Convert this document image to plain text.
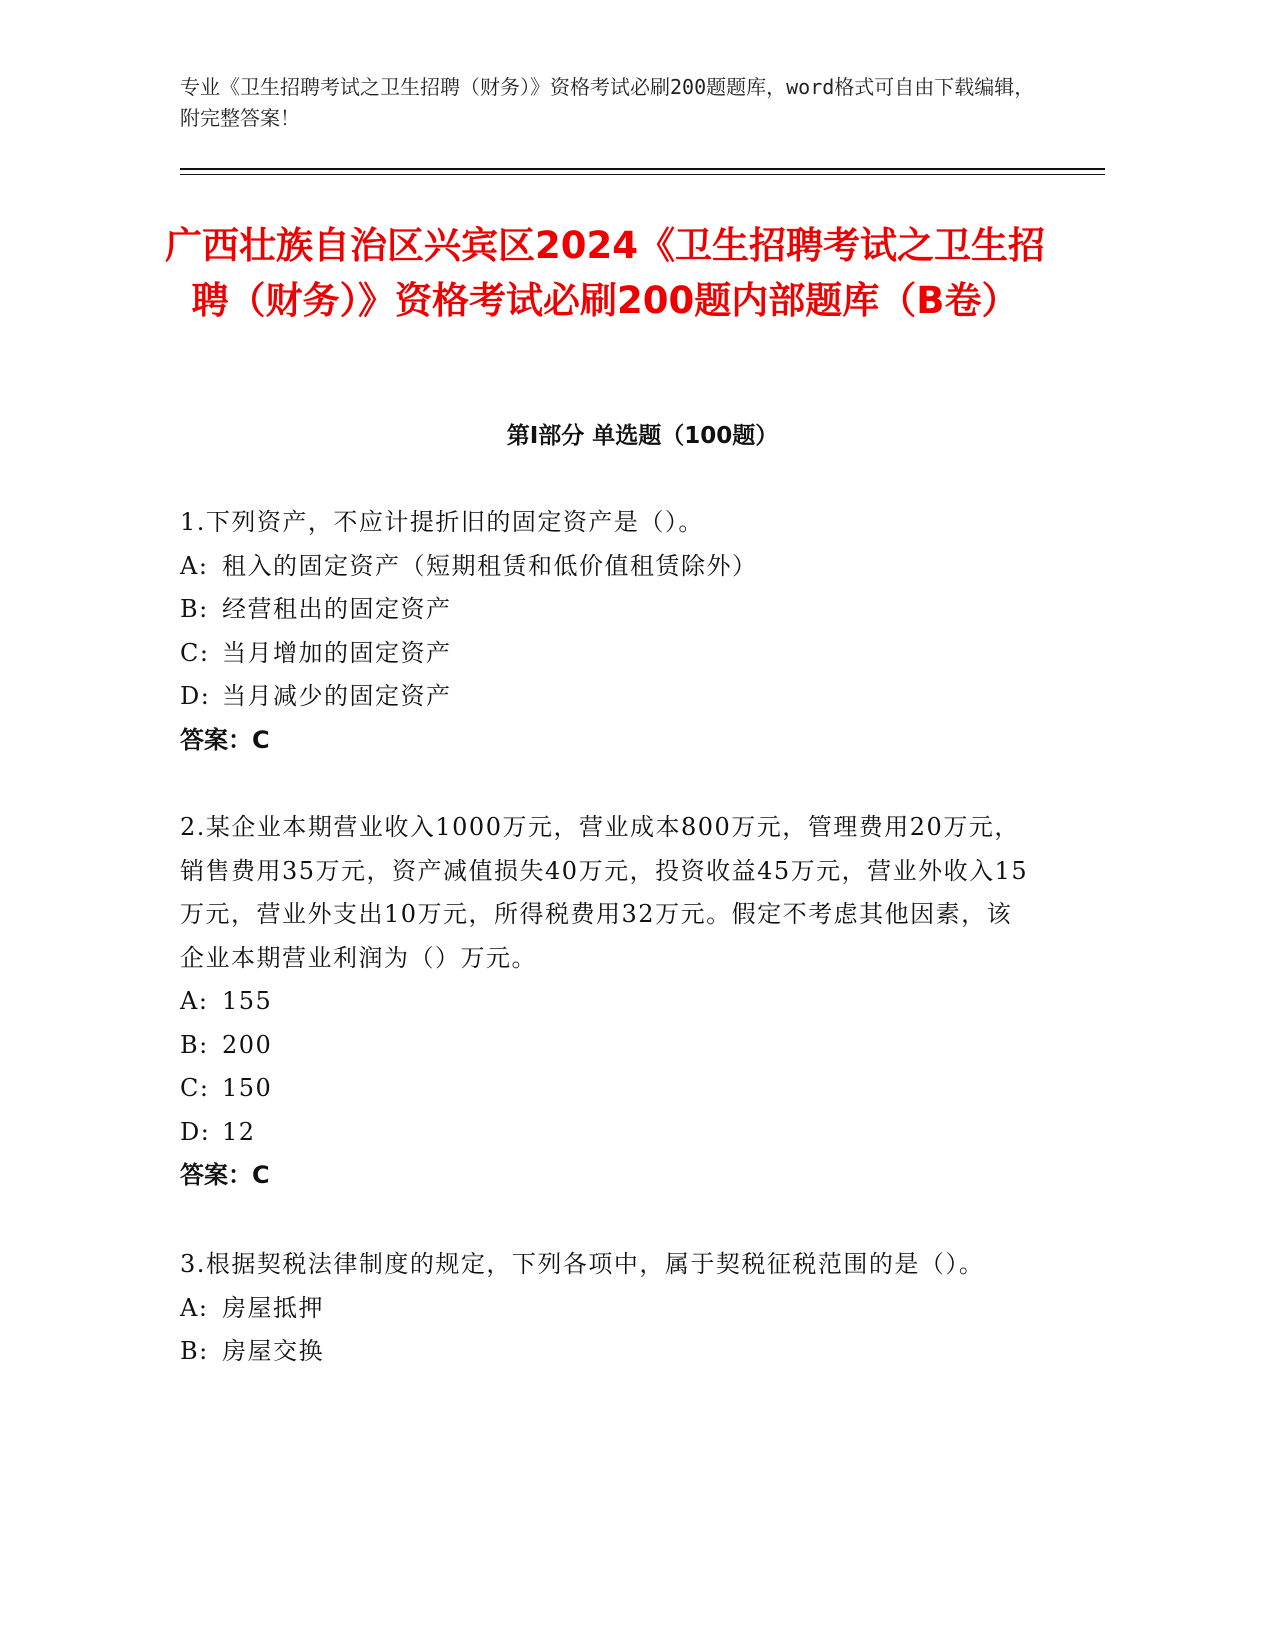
专业《卫生招聘考试之卫生招聘（财务）》资格考试必刷200题题库，word格式可自由下载编辑，附完整答案！
广西壮族自治区兴宾区2024《卫生招聘考试之卫生招聘（财务）》资格考试必刷200题内部题库（B卷）
第Ⅰ部分 单选题（100题）

1.下列资产，不应计提折旧的固定资产是（）。

A: 租入的固定资产（短期租赁和低价值租赁除外）
B: 经营租出的固定资产
C: 当月增加的固定资产
D: 当月减少的固定资产

答案：C

2.某企业本期营业收入1000万元，营业成本800万元，管理费用20万元，销售费用35万元，资产减值损失40万元，投资收益45万元，营业外收入15万元，营业外支出10万元，所得税费用32万元。假定不考虑其他因素，该企业本期营业利润为（）万元。

A: 155
B: 200
C: 150
D: 12

答案：C

3.根据契税法律制度的规定，下列各项中，属于契税征税范围的是（）。

A: 房屋抵押
B: 房屋交换
